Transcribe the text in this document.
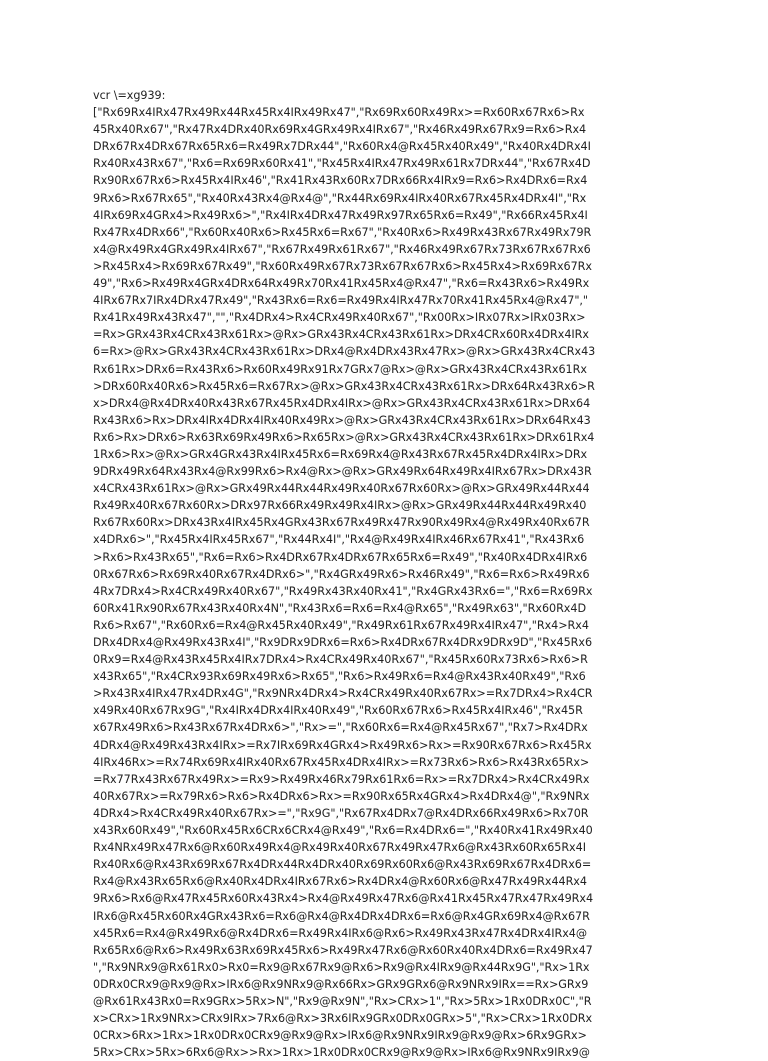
vcr \=xg939:
["Rx69Rx4IRx47Rx49Rx44Rx45Rx4IRx49Rx47","Rx69Rx60Rx49Rx>=Rx60Rx67Rx6>Rx
45Rx40Rx67","Rx47Rx4DRx40Rx69Rx4GRx49Rx4IRx67","Rx46Rx49Rx67Rx9=Rx6>Rx4
DRx67Rx4DRx67Rx65Rx6=Rx49Rx7DRx44","Rx60Rx4@Rx45Rx40Rx49","Rx40Rx4DRx4I
Rx40Rx43Rx67","Rx6=Rx69Rx60Rx41","Rx45Rx4IRx47Rx49Rx61Rx7DRx44","Rx67Rx4D
Rx90Rx67Rx6>Rx45Rx4IRx46","Rx41Rx43Rx60Rx7DRx66Rx4IRx9=Rx6>Rx4DRx6=Rx4
9Rx6>Rx67Rx65","Rx40Rx43Rx4@Rx4@","Rx44Rx69Rx4IRx40Rx67Rx45Rx4DRx4I","Rx
4IRx69Rx4GRx4>Rx49Rx6>","Rx4IRx4DRx47Rx49Rx97Rx65Rx6=Rx49","Rx66Rx45Rx4I
Rx47Rx4DRx66","Rx60Rx40Rx6>Rx45Rx6=Rx67","Rx40Rx6>Rx49Rx43Rx67Rx49Rx79R
x4@Rx49Rx4GRx49Rx4IRx67","Rx67Rx49Rx61Rx67","Rx46Rx49Rx67Rx73Rx67Rx67Rx6
>Rx45Rx4>Rx69Rx67Rx49","Rx60Rx49Rx67Rx73Rx67Rx67Rx6>Rx45Rx4>Rx69Rx67Rx
49","Rx6>Rx49Rx4GRx4DRx64Rx49Rx70Rx41Rx45Rx4@Rx47","Rx6=Rx43Rx6>Rx49Rx
4IRx67Rx7IRx4DRx47Rx49","Rx43Rx6=Rx6=Rx49Rx4IRx47Rx70Rx41Rx45Rx4@Rx47","
Rx41Rx49Rx43Rx47","","Rx4DRx4>Rx4CRx49Rx40Rx67","Rx00Rx>IRx07Rx>IRx03Rx>
=Rx>GRx43Rx4CRx43Rx61Rx>@Rx>GRx43Rx4CRx43Rx61Rx>DRx4CRx60Rx4DRx4IRx
6=Rx>@Rx>GRx43Rx4CRx43Rx61Rx>DRx4@Rx4DRx43Rx47Rx>@Rx>GRx43Rx4CRx43
Rx61Rx>DRx6=Rx43Rx6>Rx60Rx49Rx91Rx7GRx7@Rx>@Rx>GRx43Rx4CRx43Rx61Rx
>DRx60Rx40Rx6>Rx45Rx6=Rx67Rx>@Rx>GRx43Rx4CRx43Rx61Rx>DRx64Rx43Rx6>R
x>DRx4@Rx4DRx40Rx43Rx67Rx45Rx4DRx4IRx>@Rx>GRx43Rx4CRx43Rx61Rx>DRx64
Rx43Rx6>Rx>DRx4IRx4DRx4IRx40Rx49Rx>@Rx>GRx43Rx4CRx43Rx61Rx>DRx64Rx43
Rx6>Rx>DRx6>Rx63Rx69Rx49Rx6>Rx65Rx>@Rx>GRx43Rx4CRx43Rx61Rx>DRx61Rx4
1Rx6>Rx>@Rx>GRx4GRx43Rx4IRx45Rx6=Rx69Rx4@Rx43Rx67Rx45Rx4DRx4IRx>DRx
9DRx49Rx64Rx43Rx4@Rx99Rx6>Rx4@Rx>@Rx>GRx49Rx64Rx49Rx4IRx67Rx>DRx43R
x4CRx43Rx61Rx>@Rx>GRx49Rx44Rx44Rx49Rx40Rx67Rx60Rx>@Rx>GRx49Rx44Rx44
Rx49Rx40Rx67Rx60Rx>DRx97Rx66Rx49Rx49Rx4IRx>@Rx>GRx49Rx44Rx44Rx49Rx40
Rx67Rx60Rx>DRx43Rx4IRx45Rx4GRx43Rx67Rx49Rx47Rx90Rx49Rx4@Rx49Rx40Rx67R
x4DRx6>","Rx45Rx4IRx45Rx67","Rx44Rx4I","Rx4@Rx49Rx4IRx46Rx67Rx41","Rx43Rx6
>Rx6>Rx43Rx65","Rx6=Rx6>Rx4DRx67Rx4DRx67Rx65Rx6=Rx49","Rx40Rx4DRx4IRx6
0Rx67Rx6>Rx69Rx40Rx67Rx4DRx6>","Rx4GRx49Rx6>Rx46Rx49","Rx6=Rx6>Rx49Rx6
4Rx7DRx4>Rx4CRx49Rx40Rx67","Rx49Rx43Rx40Rx41","Rx4GRx43Rx6=","Rx6=Rx69Rx
60Rx41Rx90Rx67Rx43Rx40Rx4N","Rx43Rx6=Rx6=Rx4@Rx65","Rx49Rx63","Rx60Rx4D
Rx6>Rx67","Rx60Rx6=Rx4@Rx45Rx40Rx49","Rx49Rx61Rx67Rx49Rx4IRx47","Rx4>Rx4
DRx4DRx4@Rx49Rx43Rx4I","Rx9DRx9DRx6=Rx6>Rx4DRx67Rx4DRx9DRx9D","Rx45Rx6
0Rx9=Rx4@Rx43Rx45Rx4IRx7DRx4>Rx4CRx49Rx40Rx67","Rx45Rx60Rx73Rx6>Rx6>R
x43Rx65","Rx4CRx93Rx69Rx49Rx6>Rx65","Rx6>Rx49Rx6=Rx4@Rx43Rx40Rx49","Rx6
>Rx43Rx4IRx47Rx4DRx4G","Rx9NRx4DRx4>Rx4CRx49Rx40Rx67Rx>=Rx7DRx4>Rx4CR
x49Rx40Rx67Rx9G","Rx4IRx4DRx4IRx40Rx49","Rx60Rx67Rx6>Rx45Rx4IRx46","Rx45R
x67Rx49Rx6>Rx43Rx67Rx4DRx6>","Rx>=","Rx60Rx6=Rx4@Rx45Rx67","Rx7>Rx4DRx
4DRx4@Rx49Rx43Rx4IRx>=Rx7IRx69Rx4GRx4>Rx49Rx6>Rx>=Rx90Rx67Rx6>Rx45Rx
4IRx46Rx>=Rx74Rx69Rx4IRx40Rx67Rx45Rx4DRx4IRx>=Rx73Rx6>Rx6>Rx43Rx65Rx>
=Rx77Rx43Rx67Rx49Rx>=Rx9>Rx49Rx46Rx79Rx61Rx6=Rx>=Rx7DRx4>Rx4CRx49Rx
40Rx67Rx>=Rx79Rx6>Rx6>Rx4DRx6>Rx>=Rx90Rx65Rx4GRx4>Rx4DRx4@","Rx9NRx
4DRx4>Rx4CRx49Rx40Rx67Rx>=","Rx9G","Rx67Rx4DRx7@Rx4DRx66Rx49Rx6>Rx70R
x43Rx60Rx49","Rx60Rx45Rx6CRx6CRx4@Rx49","Rx6=Rx4DRx6=","Rx40Rx41Rx49Rx40
Rx4NRx49Rx47Rx6@Rx60Rx49Rx4@Rx49Rx40Rx67Rx49Rx47Rx6@Rx43Rx60Rx65Rx4I
Rx40Rx6@Rx43Rx69Rx67Rx4DRx44Rx4DRx40Rx69Rx60Rx6@Rx43Rx69Rx67Rx4DRx6=
Rx4@Rx43Rx65Rx6@Rx40Rx4DRx4IRx67Rx6>Rx4DRx4@Rx60Rx6@Rx47Rx49Rx44Rx4
9Rx6>Rx6@Rx47Rx45Rx60Rx43Rx4>Rx4@Rx49Rx47Rx6@Rx41Rx45Rx47Rx47Rx49Rx4
IRx6@Rx45Rx60Rx4GRx43Rx6=Rx6@Rx4@Rx4DRx4DRx6=Rx6@Rx4GRx69Rx4@Rx67R
x45Rx6=Rx4@Rx49Rx6@Rx4DRx6=Rx49Rx4IRx6@Rx6>Rx49Rx43Rx47Rx4DRx4IRx4@
Rx65Rx6@Rx6>Rx49Rx63Rx69Rx45Rx6>Rx49Rx47Rx6@Rx60Rx40Rx4DRx6=Rx49Rx47
","Rx9NRx9@Rx61Rx0>Rx0=Rx9@Rx67Rx9@Rx6>Rx9@Rx4IRx9@Rx44Rx9G","Rx>1Rx
0DRx0CRx9@Rx9@Rx>IRx6@Rx9NRx9@Rx66Rx>GRx9GRx6@Rx9NRx9IRx==Rx>GRx9
@Rx61Rx43Rx0=Rx9GRx>5Rx>N","Rx9@Rx9N","Rx>CRx>1","Rx>5Rx>1Rx0DRx0C","R
x>CRx>1Rx9NRx>CRx9IRx>7Rx6@Rx>3Rx6IRx9GRx0DRx0GRx>5","Rx>CRx>1Rx0DRx
0CRx>6Rx>1Rx>1Rx0DRx0CRx9@Rx9@Rx>IRx6@Rx9NRx9IRx9@Rx9@Rx>6Rx9GRx>
5Rx>CRx>5Rx>6Rx6@Rx>>Rx>1Rx>1Rx0DRx0CRx9@Rx9@Rx>IRx6@Rx9NRx9IRx9@
